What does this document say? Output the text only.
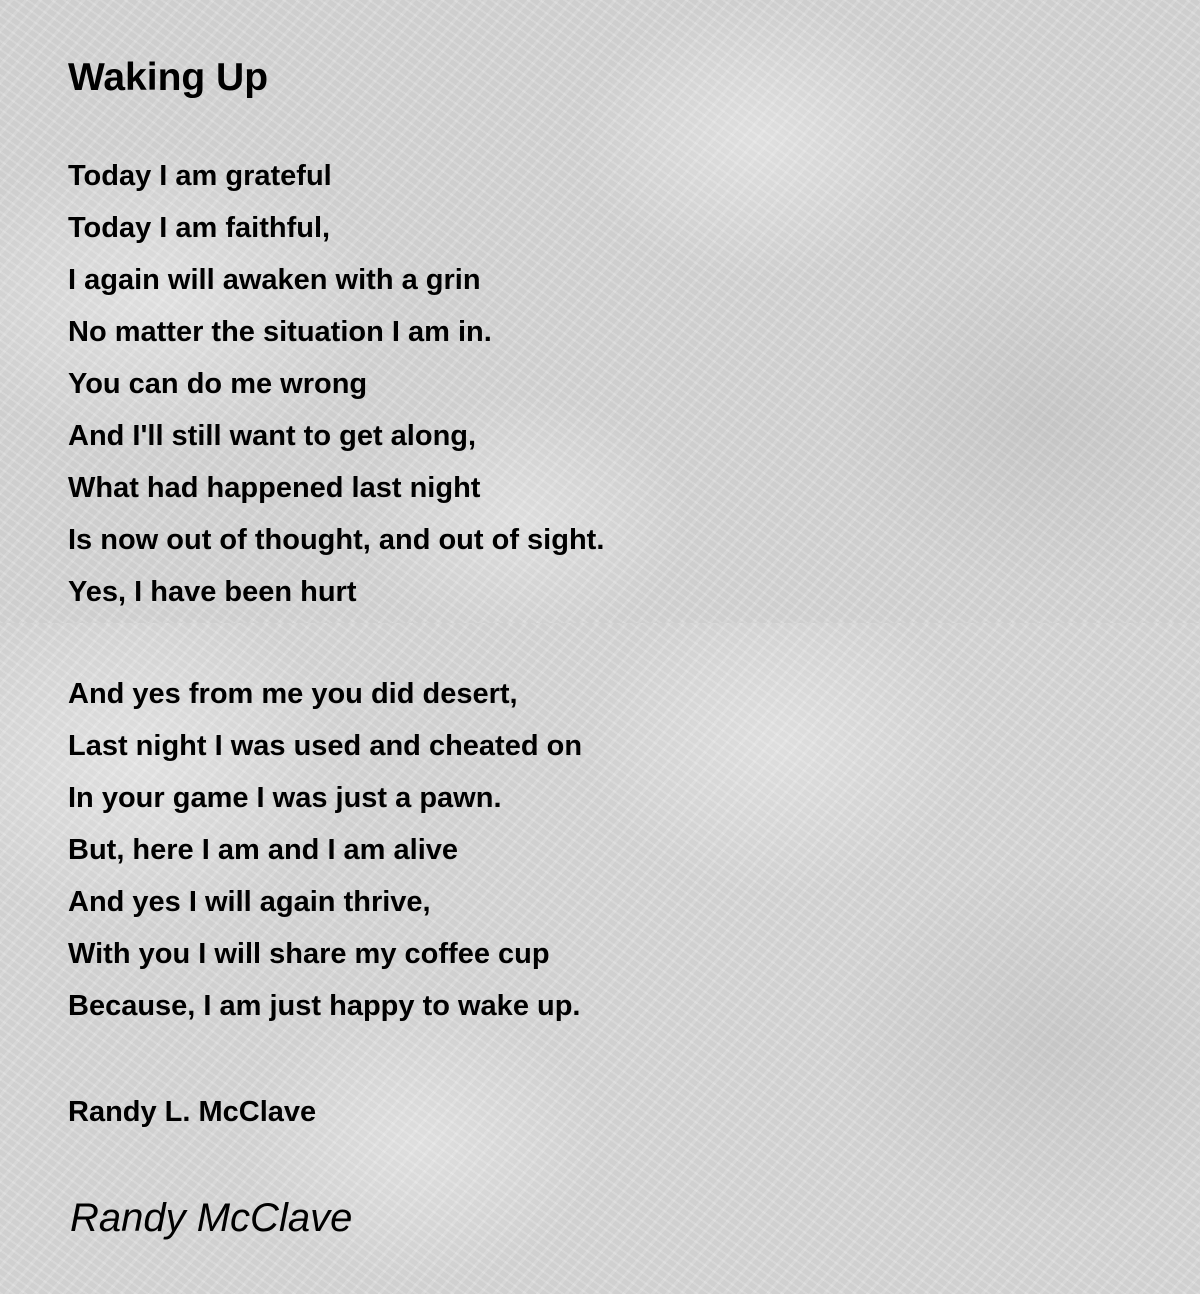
Waking Up
Today I am grateful
Today I am faithful,
I again will awaken with a grin
No matter the situation I am in.
You can do me wrong
And I'll still want to get along,
What had happened last night
Is now out of thought, and out of sight.
Yes, I have been hurt
And yes from me you did desert,
Last night I was used and cheated on
In your game I was just a pawn.
But, here I am and I am alive
And yes I will again thrive,
With you I will share my coffee cup
Because, I am just happy to wake up.

Randy L. McClave

Randy McClave
